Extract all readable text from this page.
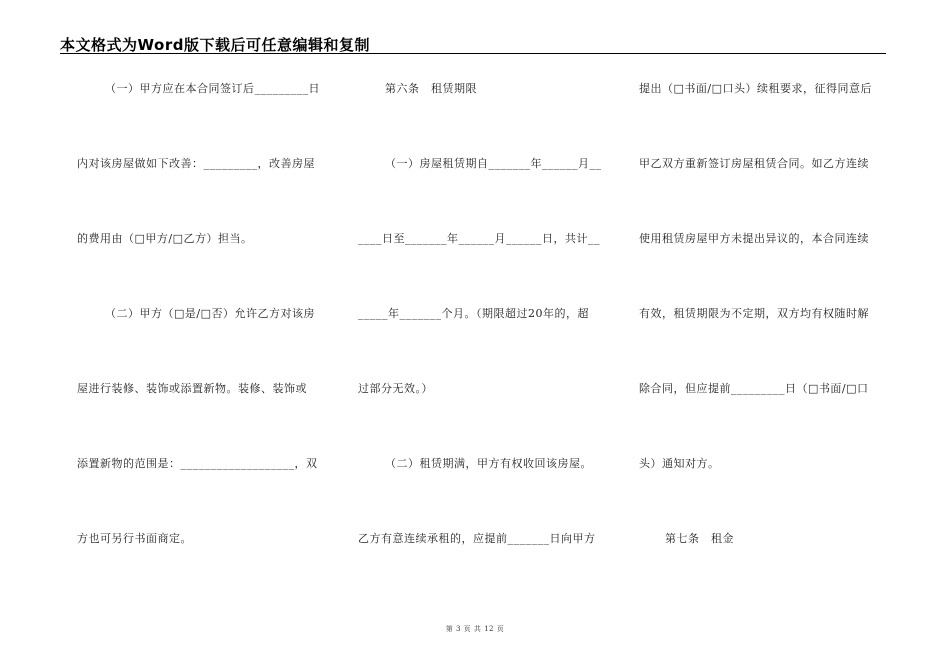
本文格式为Word版下载后可任意编辑和复制
（一）甲方应在本合同签订后_________日
内对该房屋做如下改善：_________，改善房屋
的费用由（□甲方/□乙方）担当。
（二）甲方（□是/□否）允许乙方对该房
屋进行装修、装饰或添置新物。装修、装饰或
添置新物的范围是：___________________，双
方也可另行书面商定。
第六条　租赁期限
（一）房屋租赁期自_______年______月__
____日至_______年______月______日，共计__
_____年_______个月。（期限超过20年的，超
过部分无效。）
（二）租赁期满，甲方有权收回该房屋。
乙方有意连续承租的，应提前_______日向甲方
提出（□书面/□口头）续租要求，征得同意后
甲乙双方重新签订房屋租赁合同。如乙方连续
使用租赁房屋甲方未提出异议的，本合同连续
有效，租赁期限为不定期，双方均有权随时解
除合同，但应提前_________日（□书面/□口
头）通知对方。
第七条　租金
第 3 页 共 12 页
